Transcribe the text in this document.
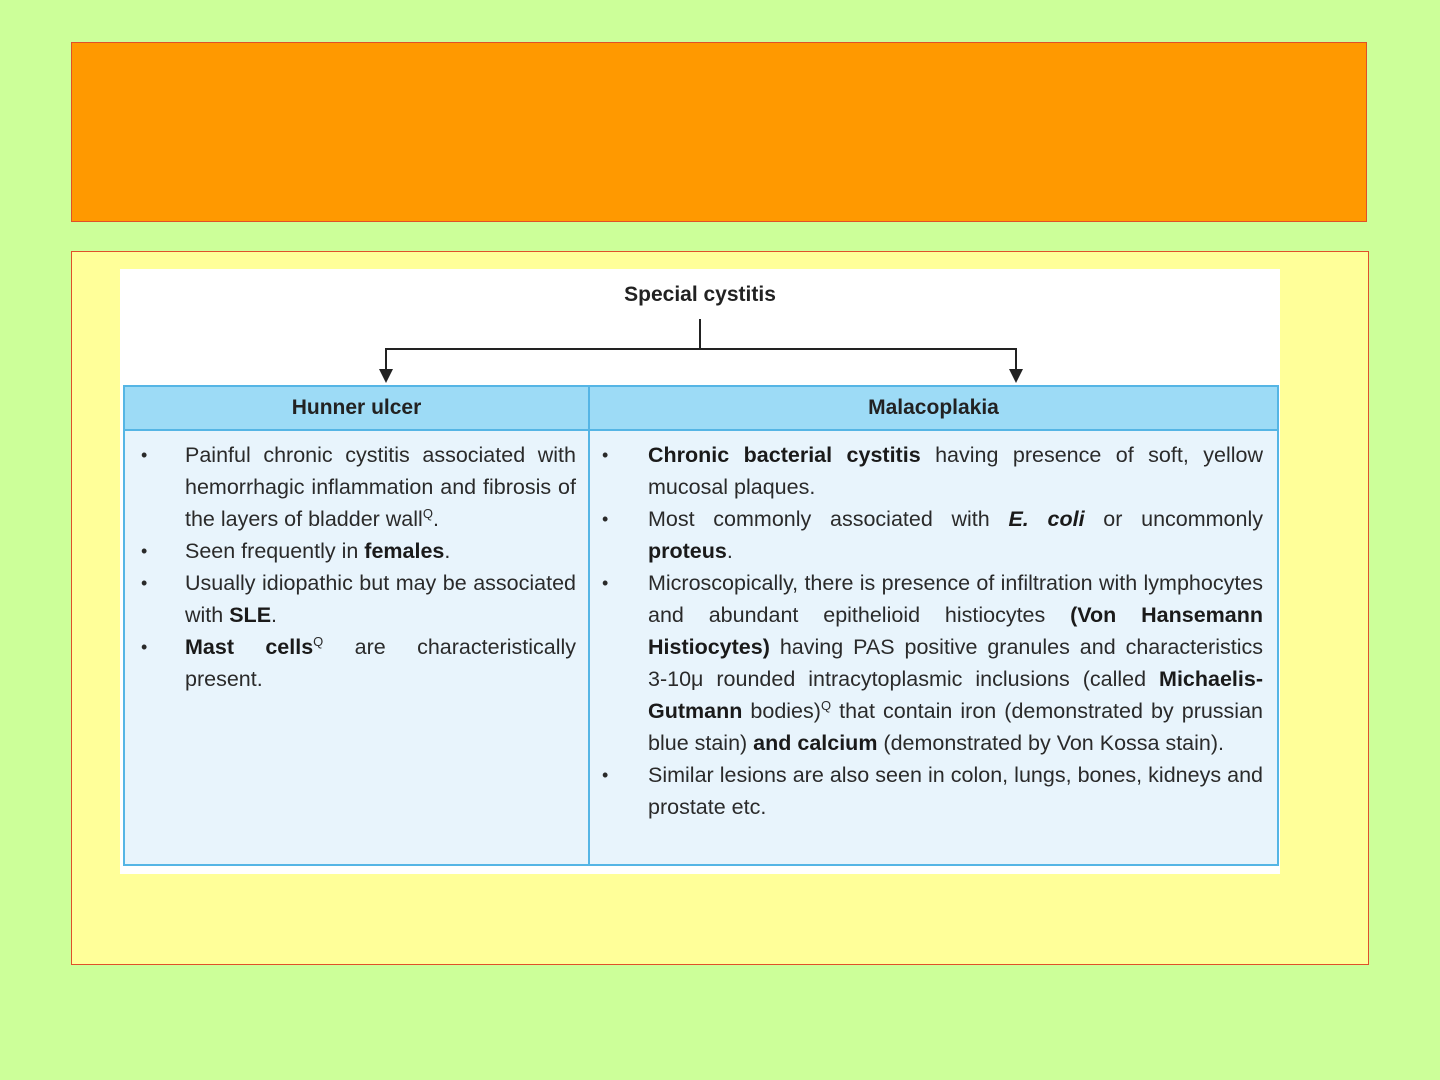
Special cystitis
Hunner ulcer
• Painful chronic cystitis associated with hemorrhagic inflammation and fibrosis of the layers of bladder wall$^Q$.
• Seen frequently in females.
• Usually idiopathic but may be associated with SLE.
• Mast cells$^Q$ are characteristically present.
Malacoplakia
• Chronic bacterial cystitis having presence of soft, yellow mucosal plaques.
• Most commonly associated with E. coli or uncommonly proteus.
• Microscopically, there is presence of infiltration with lymphocytes and abundant epithelioid histiocytes (Von Hansemann Histiocytes) having PAS positive granules and characteristics 3-10μ rounded intracytoplasmic inclusions (called Michaelis-Gutmann bodies)$^Q$ that contain iron (demonstrated by prussian blue stain) and calcium (demonstrated by Von Kossa stain).
• Similar lesions are also seen in colon, lungs, bones, kidneys and prostate etc.
